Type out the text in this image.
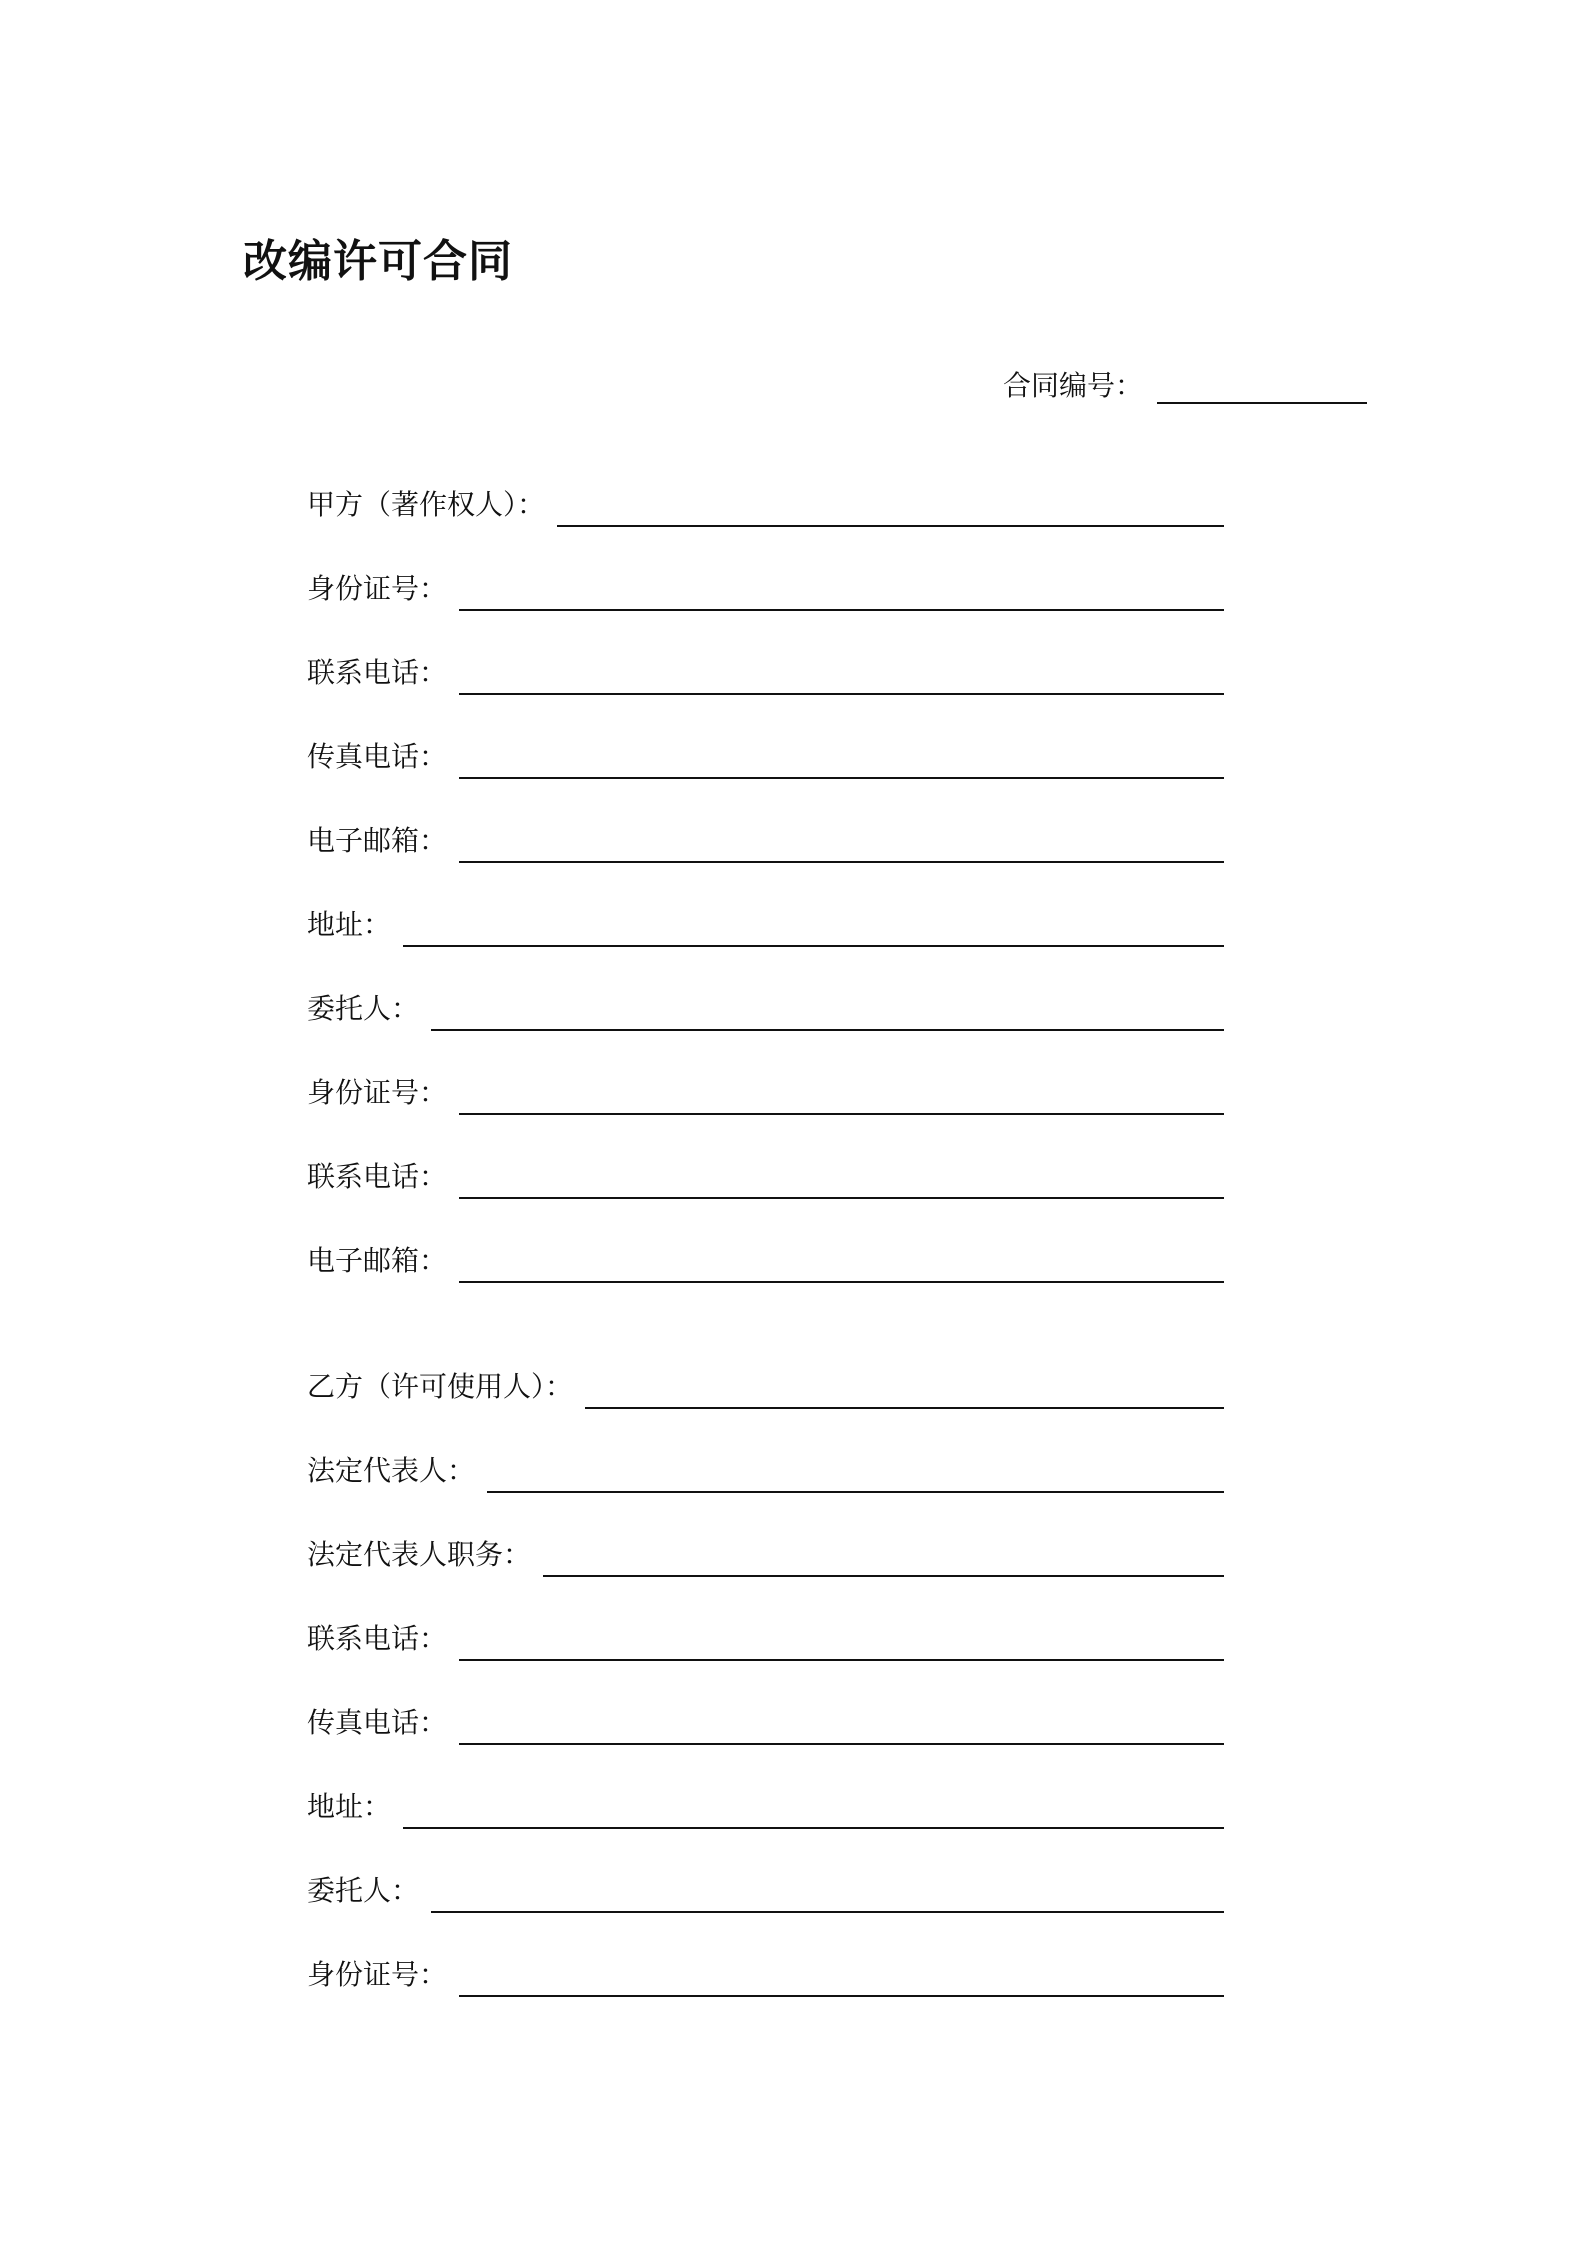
改编许可合同
合同编号：
甲方（著作权人）：
身份证号：
联系电话：
传真电话：
电子邮箱：
地址：
委托人：
身份证号：
联系电话：
电子邮箱：
乙方（许可使用人）：
法定代表人：
法定代表人职务：
联系电话：
传真电话：
地址：
委托人：
身份证号：
